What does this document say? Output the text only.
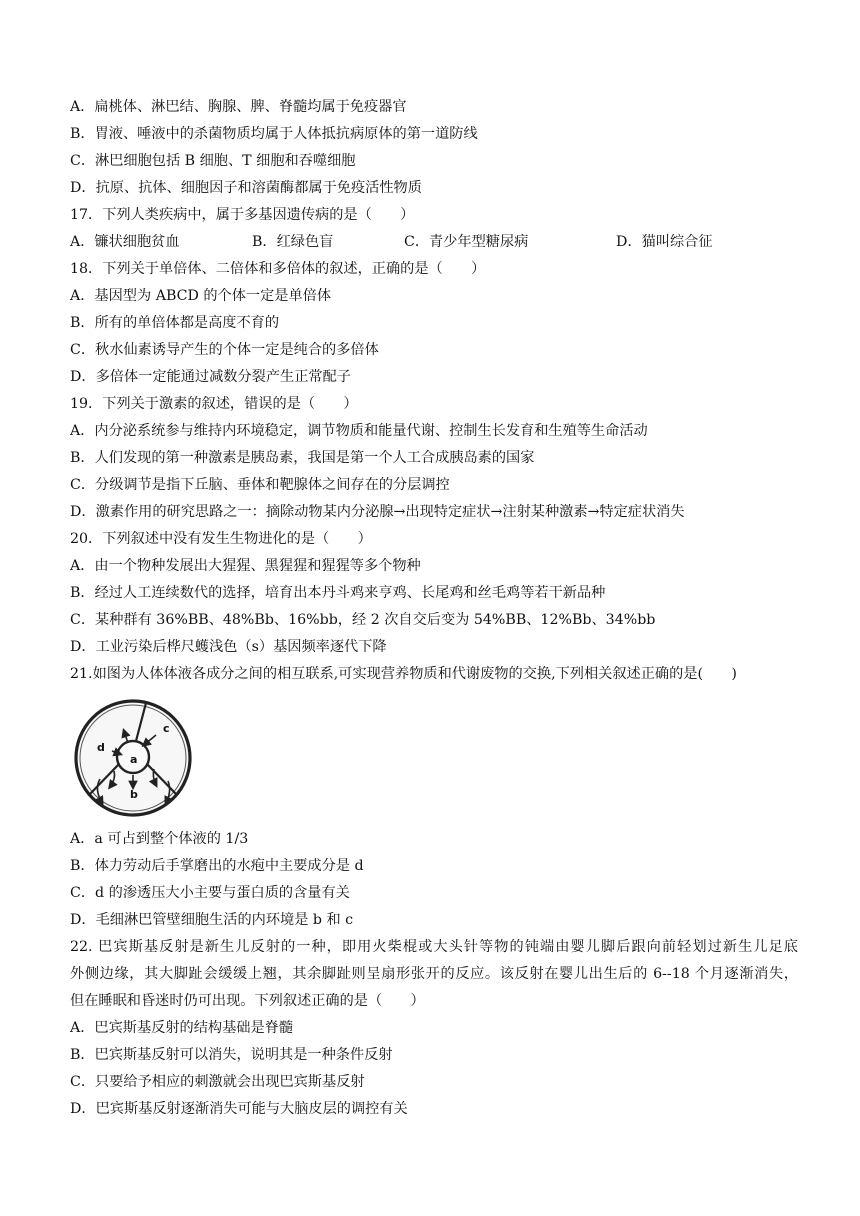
A．扁桃体、淋巴结、胸腺、脾、脊髓均属于免疫器官
B．胃液、唾液中的杀菌物质均属于人体抵抗病原体的第一道防线
C．淋巴细胞包括 B 细胞、T 细胞和吞噬细胞
D．抗原、抗体、细胞因子和溶菌酶都属于免疫活性物质
17．下列人类疾病中，属于多基因遗传病的是（　　）
A．镰状细胞贫血	B．红绿色盲	C．青少年型糖尿病	D．猫叫综合征
18．下列关于单倍体、二倍体和多倍体的叙述，正确的是（　　）
A．基因型为 ABCD 的个体一定是单倍体
B．所有的单倍体都是高度不育的
C．秋水仙素诱导产生的个体一定是纯合的多倍体
D．多倍体一定能通过减数分裂产生正常配子
19．下列关于激素的叙述，错误的是（　　）
A．内分泌系统参与维持内环境稳定，调节物质和能量代谢、控制生长发育和生殖等生命活动
B．人们发现的第一种激素是胰岛素，我国是第一个人工合成胰岛素的国家
C．分级调节是指下丘脑、垂体和靶腺体之间存在的分层调控
D．激素作用的研究思路之一：摘除动物某内分泌腺→出现特定症状→注射某种激素→特定症状消失
20．下列叙述中没有发生生物进化的是（　　）
A．由一个物种发展出大猩猩、黑猩猩和猩猩等多个物种
B．经过人工连续数代的选择，培育出本丹斗鸡来亨鸡、长尾鸡和丝毛鸡等若干新品种
C．某种群有 36%BB、48%Bb、16%bb，经 2 次自交后变为 54%BB、12%Bb、34%bb
D．工业污染后桦尺蠖浅色（s）基因频率逐代下降
21.如图为人体体液各成分之间的相互联系,可实现营养物质和代谢废物的交换,下列相关叙述正确的是(　　)
a
b
c
d
A．a 可占到整个体液的 1/3
B．体力劳动后手掌磨出的水疱中主要成分是 d
C．d 的渗透压大小主要与蛋白质的含量有关
D．毛细淋巴管壁细胞生活的内环境是 b 和 c
22. 巴宾斯基反射是新生儿反射的一种，即用火柴棍或大头针等物的钝端由婴儿脚后跟向前轻划过新生儿足底
外侧边缘，其大脚趾会缓缓上翘，其余脚趾则呈扇形张开的反应。该反射在婴儿出生后的 6--18 个月逐渐消失，
但在睡眠和昏迷时仍可出现。下列叙述正确的是（　　）
A．巴宾斯基反射的结构基础是脊髓
B．巴宾斯基反射可以消失，说明其是一种条件反射
C．只要给予相应的刺激就会出现巴宾斯基反射
D．巴宾斯基反射逐渐消失可能与大脑皮层的调控有关
